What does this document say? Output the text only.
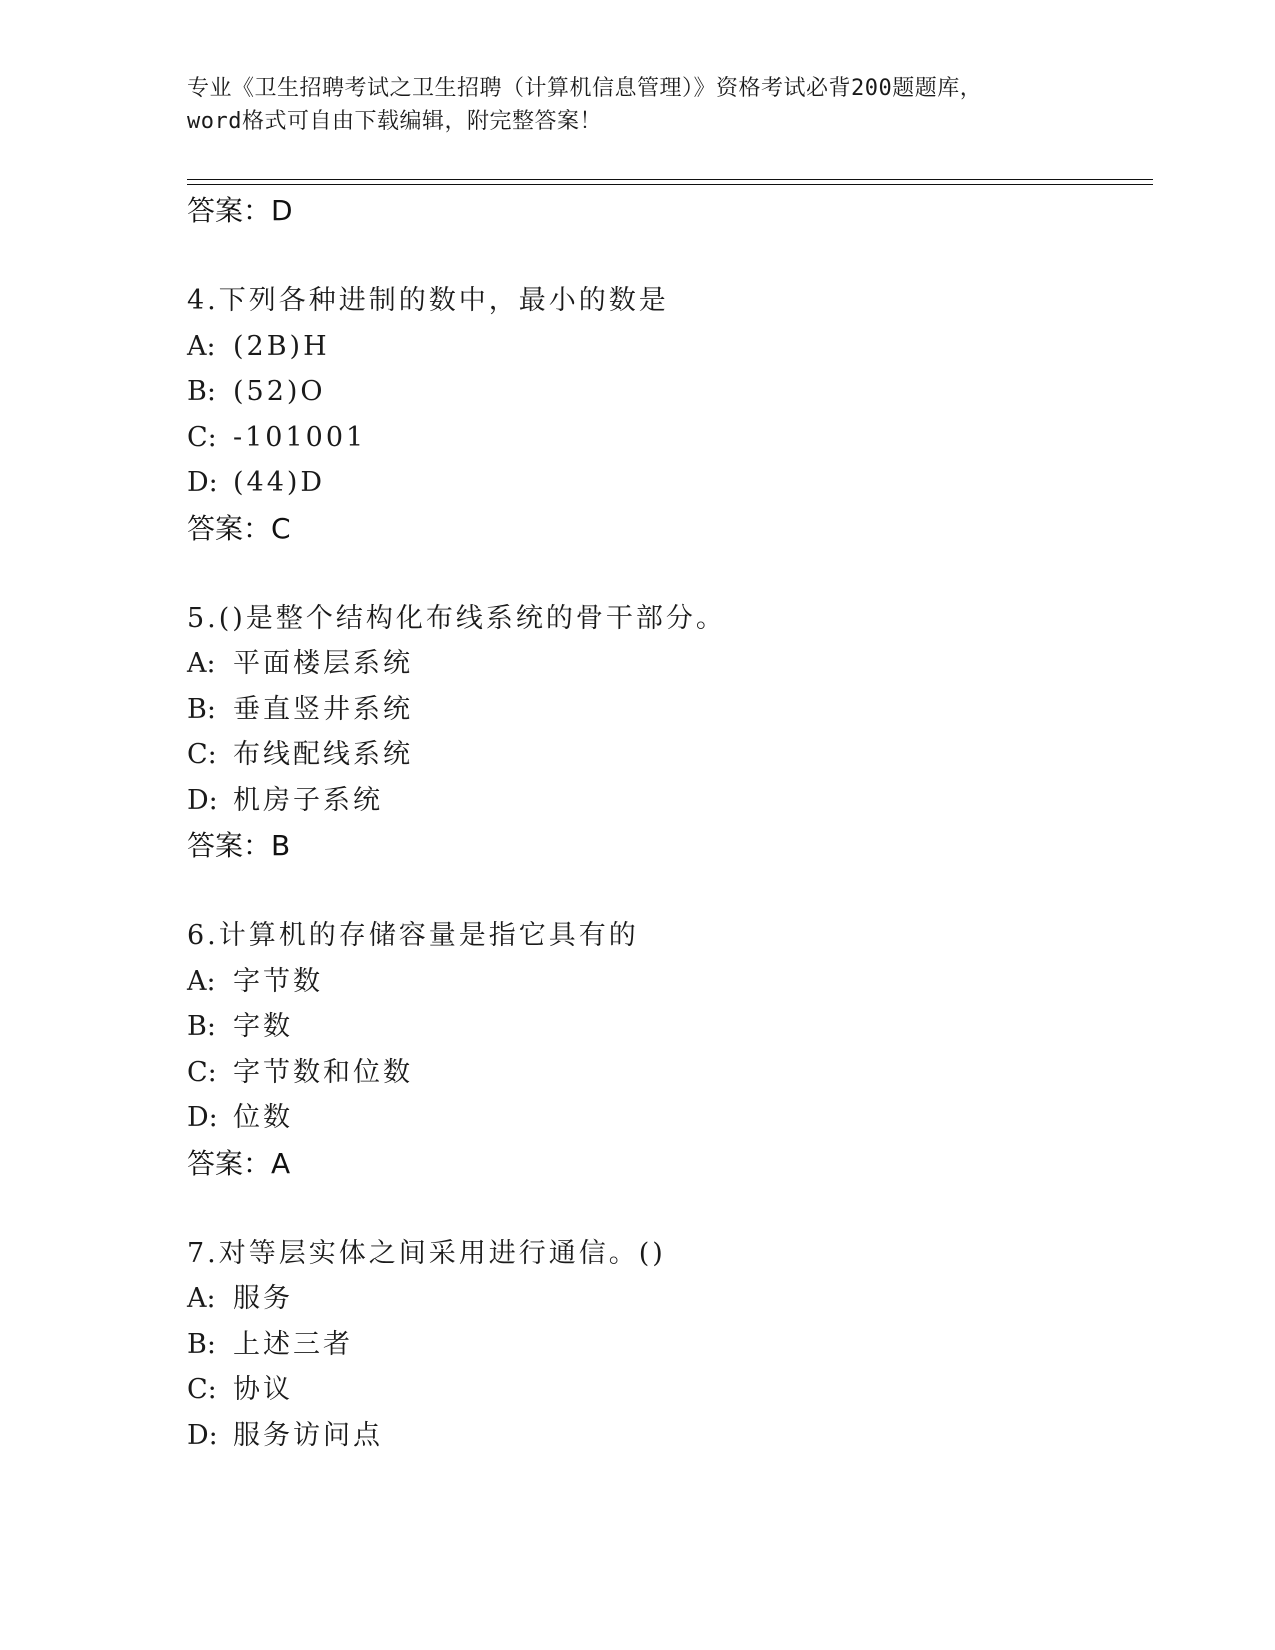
专业《卫生招聘考试之卫生招聘（计算机信息管理）》资格考试必背200题题库，

word格式可自由下载编辑，附完整答案！

答案：D

4.下列各种进制的数中，最小的数是

A: (2B)H

B: (52)O

C: -101001

D: (44)D

答案：C

5.()是整个结构化布线系统的骨干部分。

A: 平面楼层系统

B: 垂直竖井系统

C: 布线配线系统

D: 机房子系统

答案：B

6.计算机的存储容量是指它具有的

A: 字节数

B: 字数

C: 字节数和位数

D: 位数

答案：A

7.对等层实体之间采用进行通信。()

A: 服务

B: 上述三者

C: 协议

D: 服务访问点
